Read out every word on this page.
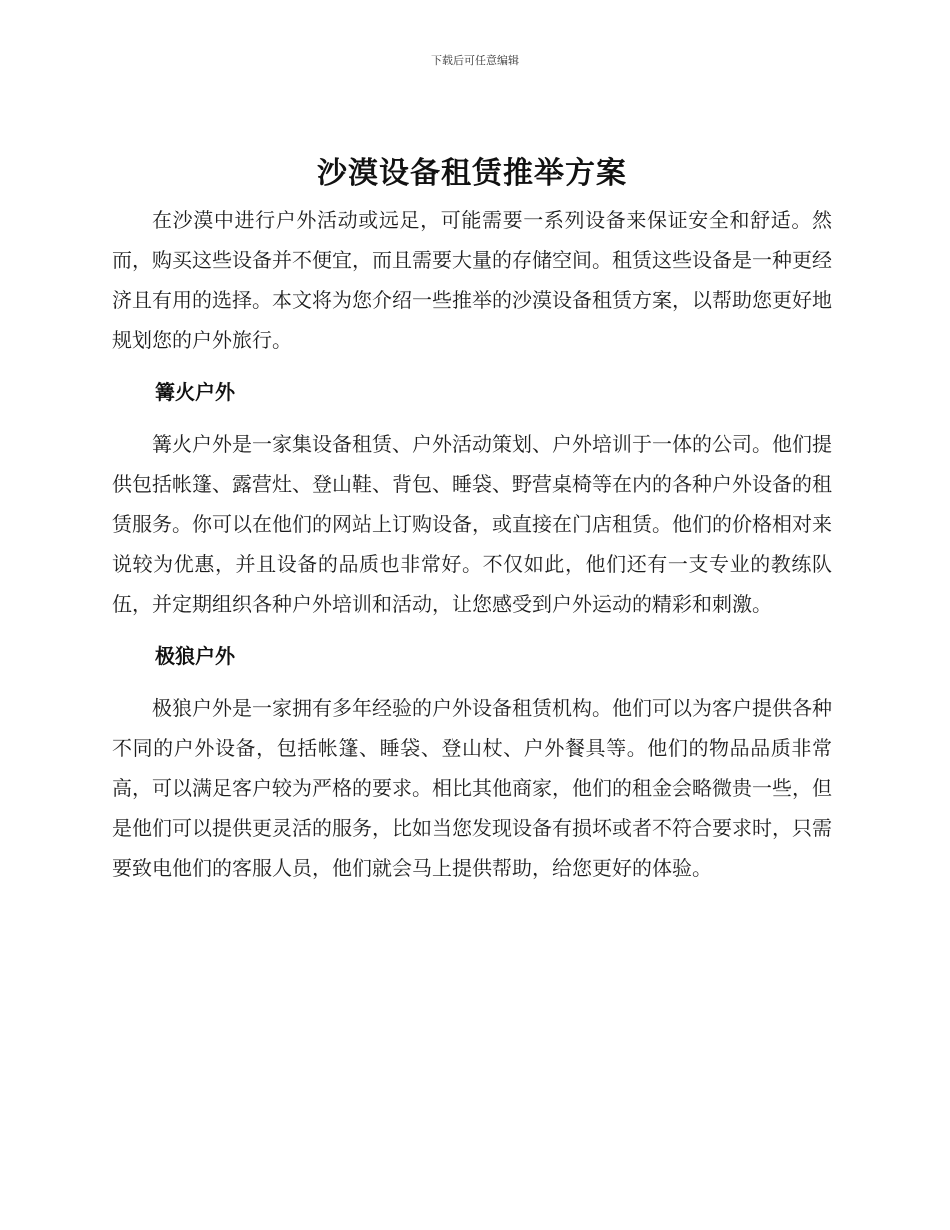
下载后可任意编辑
沙漠设备租赁推举方案

在沙漠中进行户外活动或远足，可能需要一系列设备来保证安全和舒适。然而，购买这些设备并不便宜，而且需要大量的存储空间。租赁这些设备是一种更经济且有用的选择。本文将为您介绍一些推举的沙漠设备租赁方案，以帮助您更好地规划您的户外旅行。

篝火户外

篝火户外是一家集设备租赁、户外活动策划、户外培训于一体的公司。他们提供包括帐篷、露营灶、登山鞋、背包、睡袋、野营桌椅等在内的各种户外设备的租赁服务。你可以在他们的网站上订购设备，或直接在门店租赁。他们的价格相对来说较为优惠，并且设备的品质也非常好。不仅如此，他们还有一支专业的教练队伍，并定期组织各种户外培训和活动，让您感受到户外运动的精彩和刺激。

极狼户外

极狼户外是一家拥有多年经验的户外设备租赁机构。他们可以为客户提供各种不同的户外设备，包括帐篷、睡袋、登山杖、户外餐具等。他们的物品品质非常高，可以满足客户较为严格的要求。相比其他商家，他们的租金会略微贵一些，但是他们可以提供更灵活的服务，比如当您发现设备有损坏或者不符合要求时，只需要致电他们的客服人员，他们就会马上提供帮助，给您更好的体验。
